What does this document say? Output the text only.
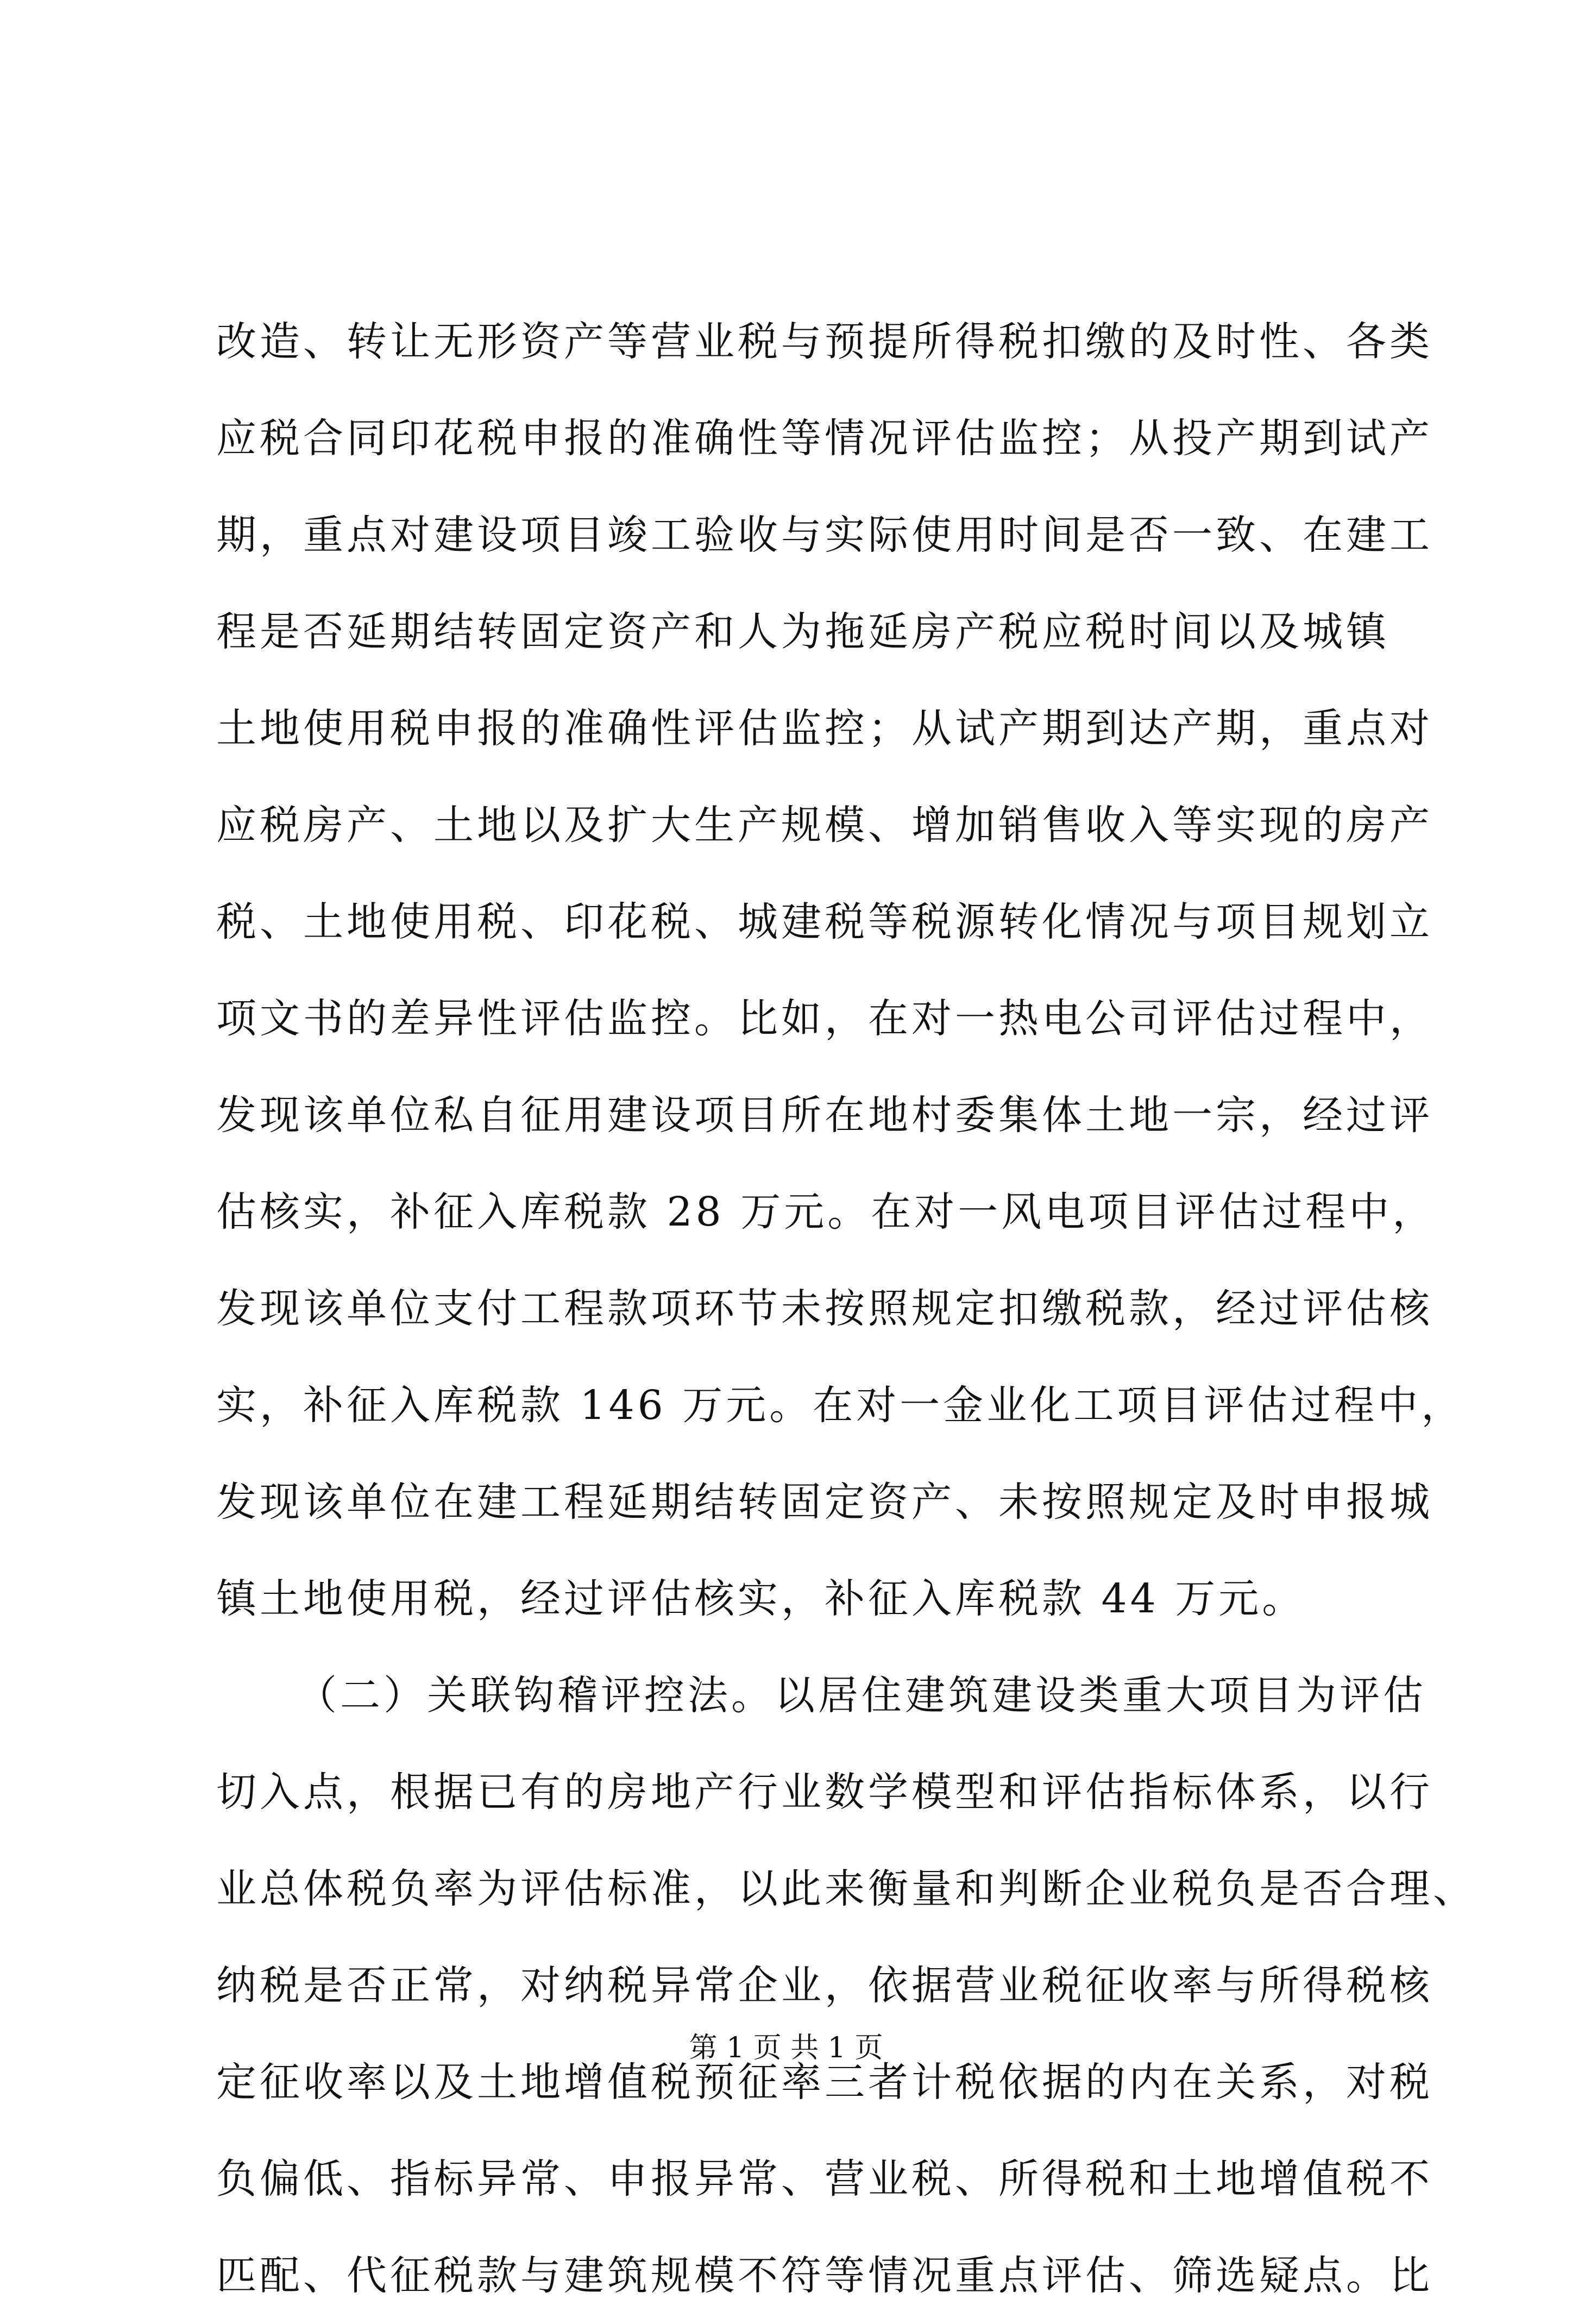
改造、转让无形资产等营业税与预提所得税扣缴的及时性、各类
应税合同印花税申报的准确性等情况评估监控；从投产期到试产
期，重点对建设项目竣工验收与实际使用时间是否一致、在建工
程是否延期结转固定资产和人为拖延房产税应税时间以及城镇
土地使用税申报的准确性评估监控；从试产期到达产期，重点对
应税房产、土地以及扩大生产规模、增加销售收入等实现的房产
税、土地使用税、印花税、城建税等税源转化情况与项目规划立
项文书的差异性评估监控。比如，在对一热电公司评估过程中，
发现该单位私自征用建设项目所在地村委集体土地一宗，经过评
估核实，补征入库税款 28 万元。在对一风电项目评估过程中，
发现该单位支付工程款项环节未按照规定扣缴税款，经过评估核
实，补征入库税款 146 万元。在对一金业化工项目评估过程中，
发现该单位在建工程延期结转固定资产、未按照规定及时申报城
镇土地使用税，经过评估核实，补征入库税款 44 万元。
（二）关联钩稽评控法。以居住建筑建设类重大项目为评估
切入点，根据已有的房地产行业数学模型和评估指标体系，以行
业总体税负率为评估标准，以此来衡量和判断企业税负是否合理、
纳税是否正常，对纳税异常企业，依据营业税征收率与所得税核
定征收率以及土地增值税预征率三者计税依据的内在关系，对税
负偏低、指标异常、申报异常、营业税、所得税和土地增值税不
匹配、代征税款与建筑规模不符等情况重点评估、筛选疑点。比
第 1 页 共 1 页
